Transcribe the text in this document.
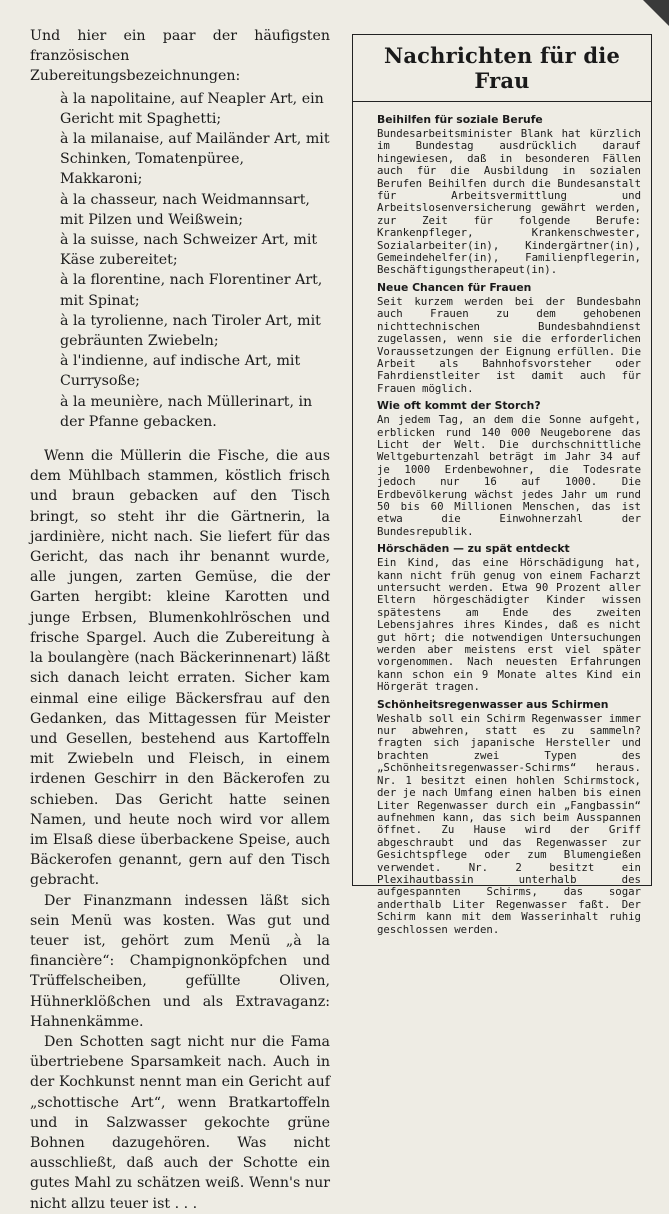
Und hier ein paar der häufigsten französischen Zubereitungsbezeichnungen:

à la napolitaine, auf Neapler Art, ein Gericht mit Spaghetti;
à la milanaise, auf Mailänder Art, mit Schinken, Tomatenpüree, Makkaroni;
à la chasseur, nach Weidmannsart, mit Pilzen und Weißwein;
à la suisse, nach Schweizer Art, mit Käse zubereitet;
à la florentine, nach Florentiner Art, mit Spinat;
à la tyrolienne, nach Tiroler Art, mit gebräunten Zwiebeln;
à l'indienne, auf indische Art, mit Currysoße;
à la meunière, nach Müllerinart, in der Pfanne gebacken.

Wenn die Müllerin die Fische, die aus dem Mühlbach stammen, köstlich frisch und braun gebacken auf den Tisch bringt, so steht ihr die Gärtnerin, la jardinière, nicht nach. Sie liefert für das Gericht, das nach ihr benannt wurde, alle jungen, zarten Gemüse, die der Garten hergibt: kleine Karotten und junge Erbsen, Blumenkohlröschen und frische Spargel. Auch die Zubereitung à la boulangère (nach Bäckerinnenart) läßt sich danach leicht erraten. Sicher kam einmal eine eilige Bäckersfrau auf den Gedanken, das Mittagessen für Meister und Gesellen, bestehend aus Kartoffeln mit Zwiebeln und Fleisch, in einem irdenen Geschirr in den Bäckerofen zu schieben. Das Gericht hatte seinen Namen, und heute noch wird vor allem im Elsaß diese überbackene Speise, auch Bäckerofen genannt, gern auf den Tisch gebracht.

Der Finanzmann indessen läßt sich sein Menü was kosten. Was gut und teuer ist, gehört zum Menü „à la financière“: Champignonköpfchen und Trüffelscheiben, gefüllte Oliven, Hühnerklößchen und als Extravaganz: Hahnenkämme.

Den Schotten sagt nicht nur die Fama übertriebene Sparsamkeit nach. Auch in der Kochkunst nennt man ein Gericht auf „schottische Art“, wenn Bratkartoffeln und in Salzwasser gekochte grüne Bohnen dazugehören. Was nicht ausschließt, daß auch der Schotte ein gutes Mahl zu schätzen weiß. Wenn's nur nicht allzu teuer ist . . .

Nachrichten für die Frau
Beihilfen für soziale Berufe

Bundesarbeitsminister Blank hat kürzlich im Bundestag ausdrücklich darauf hingewiesen, daß in besonderen Fällen auch für die Ausbildung in sozialen Berufen Beihilfen durch die Bundesanstalt für Arbeitsvermittlung und Arbeitslosenversicherung gewährt werden, zur Zeit für folgende Berufe: Krankenpfleger, Krankenschwester, Sozialarbeiter(in), Kindergärtner(in), Gemeindehelfer(in), Familienpflegerin, Beschäftigungstherapeut(in).

Neue Chancen für Frauen

Seit kurzem werden bei der Bundesbahn auch Frauen zu dem gehobenen nichttechnischen Bundesbahndienst zugelassen, wenn sie die erforderlichen Voraussetzungen der Eignung erfüllen. Die Arbeit als Bahnhofsvorsteher oder Fahrdienstleiter ist damit auch für Frauen möglich.

Wie oft kommt der Storch?

An jedem Tag, an dem die Sonne aufgeht, erblicken rund 140 000 Neugeborene das Licht der Welt. Die durchschnittliche Weltgeburtenzahl beträgt im Jahr 34 auf je 1000 Erdenbewohner, die Todesrate jedoch nur 16 auf 1000. Die Erdbevölkerung wächst jedes Jahr um rund 50 bis 60 Millionen Menschen, das ist etwa die Einwohnerzahl der Bundesrepublik.

Hörschäden — zu spät entdeckt

Ein Kind, das eine Hörschädigung hat, kann nicht früh genug von einem Facharzt untersucht werden. Etwa 90 Prozent aller Eltern hörgeschädigter Kinder wissen spätestens am Ende des zweiten Lebensjahres ihres Kindes, daß es nicht gut hört; die notwendigen Untersuchungen werden aber meistens erst viel später vorgenommen. Nach neuesten Erfahrungen kann schon ein 9 Monate altes Kind ein Hörgerät tragen.

Schönheitsregenwasser aus Schirmen

Weshalb soll ein Schirm Regenwasser immer nur abwehren, statt es zu sammeln? fragten sich japanische Hersteller und brachten zwei Typen des „Schönheitsregenwasser-Schirms“ heraus. Nr. 1 besitzt einen hohlen Schirmstock, der je nach Umfang einen halben bis einen Liter Regenwasser durch ein „Fangbassin“ aufnehmen kann, das sich beim Ausspannen öffnet. Zu Hause wird der Griff abgeschraubt und das Regenwasser zur Gesichtspflege oder zum Blumengießen verwendet. Nr. 2 besitzt ein Plexihautbassin unterhalb des aufgespannten Schirms, das sogar anderthalb Liter Regenwasser faßt. Der Schirm kann mit dem Wasserinhalt ruhig geschlossen werden.
